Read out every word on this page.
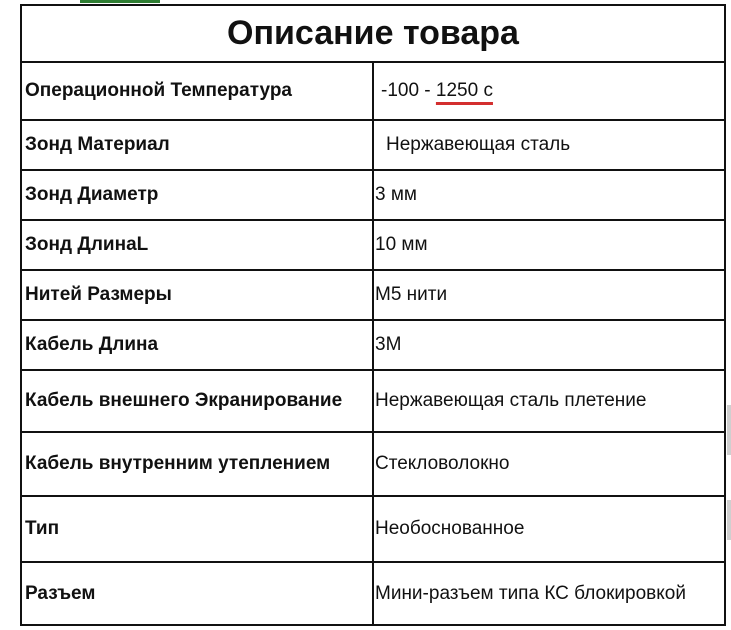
Описание товара	
Операционной Температура	-100 - 1250 с
Зонд Материал	Нержавеющая сталь
Зонд Диаметр	3 мм
Зонд ДлинаL	10 мм
Нитей Размеры	М5 нити
Кабель Длина	3М
Кабель внешнего Экранирование	Нержавеющая сталь плетение
Кабель внутренним утеплением	Стекловолокно
Тип	Необоснованное
Разъем	Мини-разъем типа КС блокировкой
